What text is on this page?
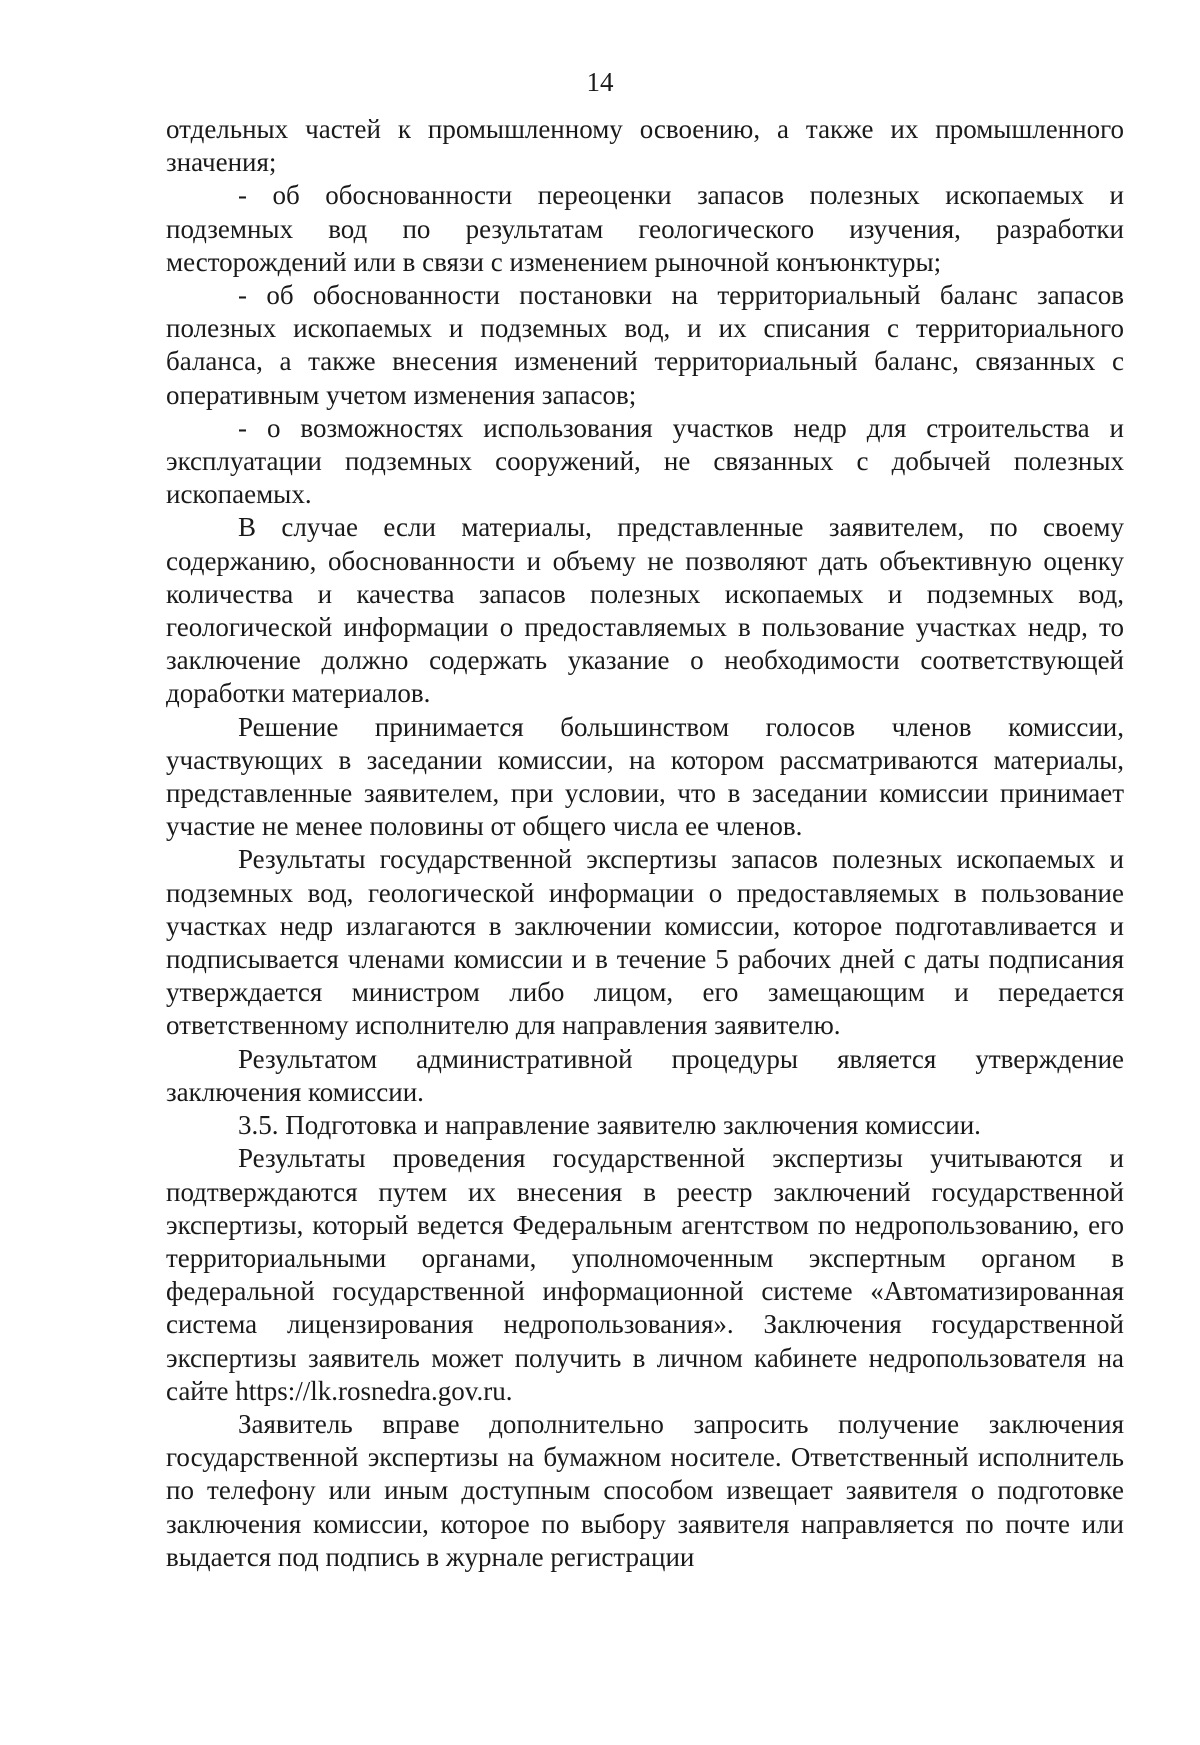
14

отдельных частей к промышленному освоению, а также их промышленного значения;

- об обоснованности переоценки запасов полезных ископаемых и подземных вод по результатам геологического изучения, разработки месторождений или в связи с изменением рыночной конъюнктуры;

- об обоснованности постановки на территориальный баланс запасов полезных ископаемых и подземных вод, и их списания с территориального баланса, а также внесения изменений территориальный баланс, связанных с оперативным учетом изменения запасов;

- о возможностях использования участков недр для строительства и эксплуатации подземных сооружений, не связанных с добычей полезных ископаемых.

В случае если материалы, представленные заявителем, по своему содержанию, обоснованности и объему не позволяют дать объективную оценку количества и качества запасов полезных ископаемых и подземных вод, геологической информации о предоставляемых в пользование участках недр, то заключение должно содержать указание о необходимости соответствующей доработки материалов.

Решение принимается большинством голосов членов комиссии, участвующих в заседании комиссии, на котором рассматриваются материалы, представленные заявителем, при условии, что в заседании комиссии принимает участие не менее половины от общего числа ее членов.

Результаты государственной экспертизы запасов полезных ископаемых и подземных вод, геологической информации о предоставляемых в пользование участках недр излагаются в заключении комиссии, которое подготавливается и подписывается членами комиссии и в течение 5 рабочих дней с даты подписания утверждается министром либо лицом, его замещающим и передается ответственному исполнителю для направления заявителю.

Результатом административной процедуры является утверждение заключения комиссии.

3.5. Подготовка и направление заявителю заключения комиссии.

Результаты проведения государственной экспертизы учитываются и подтверждаются путем их внесения в реестр заключений государственной экспертизы, который ведется Федеральным агентством по недропользованию, его территориальными органами, уполномоченным экспертным органом в федеральной государственной информационной системе «Автоматизированная система лицензирования недропользования». Заключения государственной экспертизы заявитель может получить в личном кабинете недропользователя на сайте https://lk.rosnedra.gov.ru.

Заявитель вправе дополнительно запросить получение заключения государственной экспертизы на бумажном носителе. Ответственный исполнитель по телефону или иным доступным способом извещает заявителя о подготовке заключения комиссии, которое по выбору заявителя направляется по почте или выдается под подпись в журнале регистрации
